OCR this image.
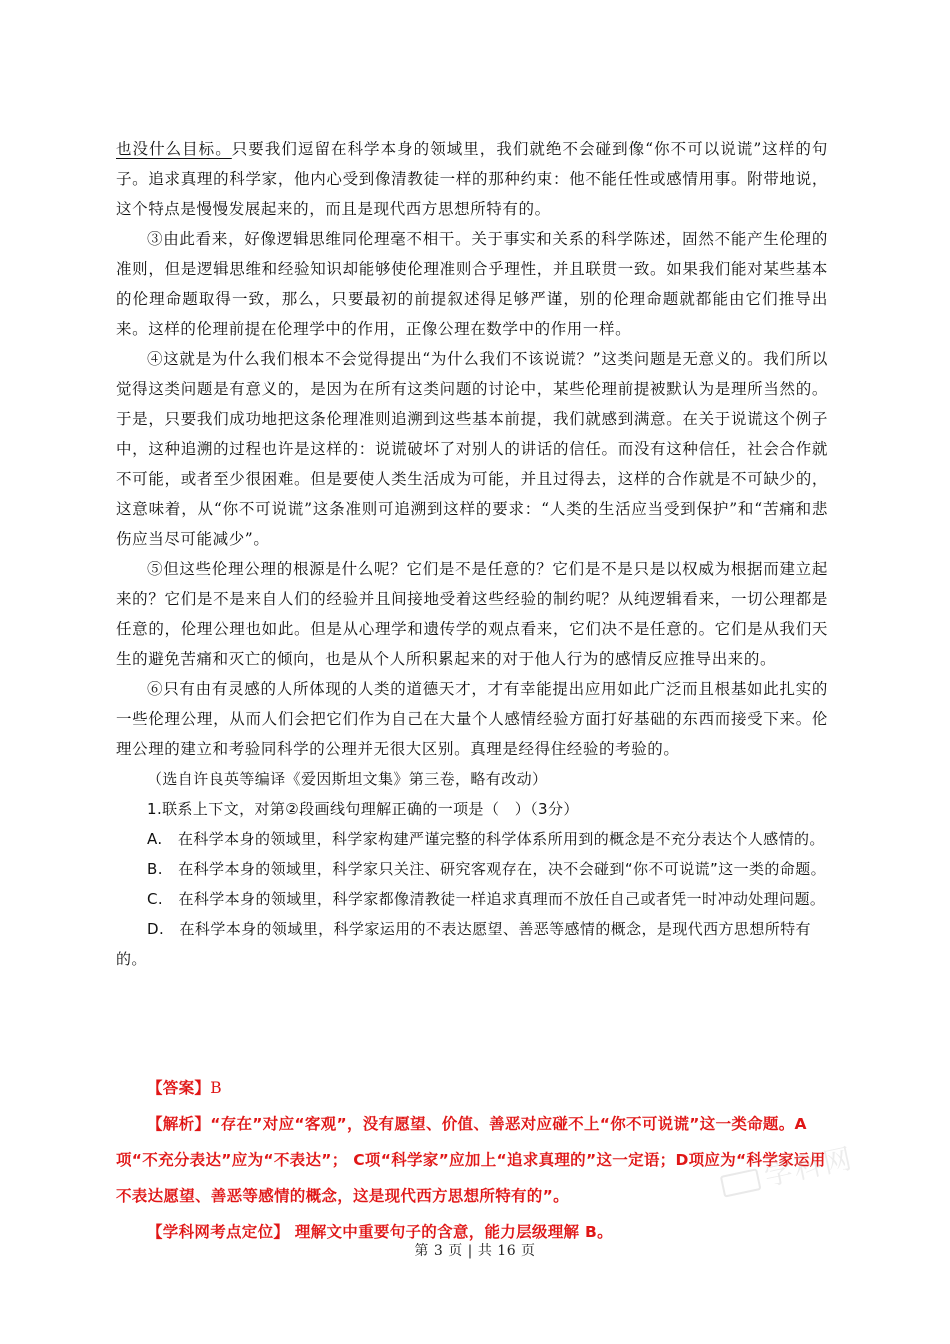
也没什么目标。只要我们逗留在科学本身的领域里，我们就绝不会碰到像“你不可以说谎”这样的句子。追求真理的科学家，他内心受到像清教徒一样的那种约束：他不能任性或感情用事。附带地说，这个特点是慢慢发展起来的，而且是现代西方思想所特有的。

③由此看来，好像逻辑思维同伦理毫不相干。关于事实和关系的科学陈述，固然不能产生伦理的准则，但是逻辑思维和经验知识却能够使伦理准则合乎理性，并且联贯一致。如果我们能对某些基本的伦理命题取得一致，那么，只要最初的前提叙述得足够严谨，别的伦理命题就都能由它们推导出来。这样的伦理前提在伦理学中的作用，正像公理在数学中的作用一样。

④这就是为什么我们根本不会觉得提出“为什么我们不该说谎？”这类问题是无意义的。我们所以觉得这类问题是有意义的，是因为在所有这类问题的讨论中，某些伦理前提被默认为是理所当然的。于是，只要我们成功地把这条伦理准则追溯到这些基本前提，我们就感到满意。在关于说谎这个例子中，这种追溯的过程也许是这样的：说谎破坏了对别人的讲话的信任。而没有这种信任，社会合作就不可能，或者至少很困难。但是要使人类生活成为可能，并且过得去，这样的合作就是不可缺少的，这意味着，从“你不可说谎”这条准则可追溯到这样的要求：“人类的生活应当受到保护”和“苦痛和悲伤应当尽可能减少”。

⑤但这些伦理公理的根源是什么呢？它们是不是任意的？它们是不是只是以权威为根据而建立起来的？它们是不是来自人们的经验并且间接地受着这些经验的制约呢？从纯逻辑看来，一切公理都是任意的，伦理公理也如此。但是从心理学和遗传学的观点看来，它们决不是任意的。它们是从我们天生的避免苦痛和灭亡的倾向，也是从个人所积累起来的对于他人行为的感情反应推导出来的。

⑥只有由有灵感的人所体现的人类的道德天才，才有幸能提出应用如此广泛而且根基如此扎实的一些伦理公理，从而人们会把它们作为自己在大量个人感情经验方面打好基础的东西而接受下来。伦理公理的建立和考验同科学的公理并无很大区别。真理是经得住经验的考验的。

（选自许良英等编译《爱因斯坦文集》第三卷，略有改动）

1.联系上下文，对第②段画线句理解正确的一项是（　）（3分）

A.　在科学本身的领域里，科学家构建严谨完整的科学体系所用到的概念是不充分表达个人感情的。

B.　在科学本身的领域里，科学家只关注、研究客观存在，决不会碰到“你不可说谎”这一类的命题。

C.　在科学本身的领域里，科学家都像清教徒一样追求真理而不放任自己或者凭一时冲动处理问题。

D.　在科学本身的领域里，科学家运用的不表达愿望、善恶等感情的概念，是现代西方思想所特有的。

【答案】B

【解析】“存在”对应“客观”，没有愿望、价值、善恶对应碰不上“你不可说谎”这一类命题。A项“不充分表达”应为“不表达”； C项“科学家”应加上“追求真理的”这一定语；D项应为“科学家运用不表达愿望、善恶等感情的概念，这是现代西方思想所特有的”。

【学科网考点定位】 理解文中重要句子的含意，能力层级理解 B。

学科网
第 3 页 | 共 16 页
